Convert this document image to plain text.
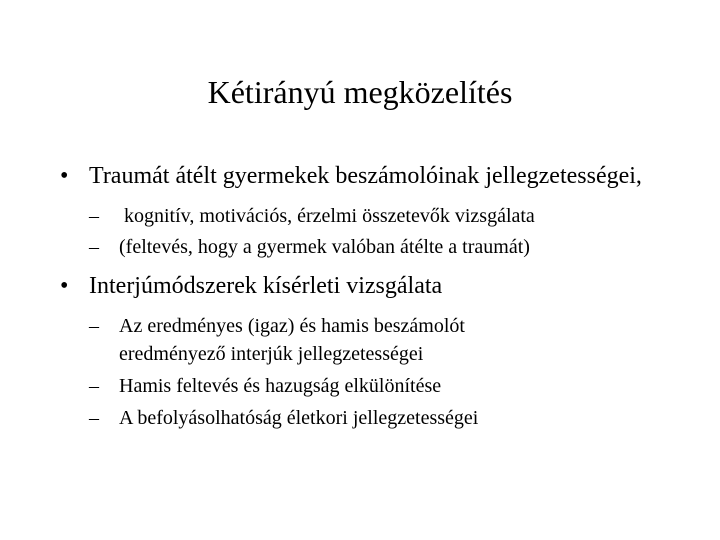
Kétirányú megközelítés
• Traumát átélt gyermekek beszámolóinak jellegzetességei,
– kognitív, motivációs, érzelmi összetevők vizsgálata
– (feltevés, hogy a gyermek valóban átélte a traumát)
• Interjúmódszerek kísérleti vizsgálata
– Az eredményes (igaz) és hamis beszámolót eredményező interjúk jellegzetességei
– Hamis feltevés és hazugság elkülönítése
– A befolyásolhatóság életkori jellegzetességei
